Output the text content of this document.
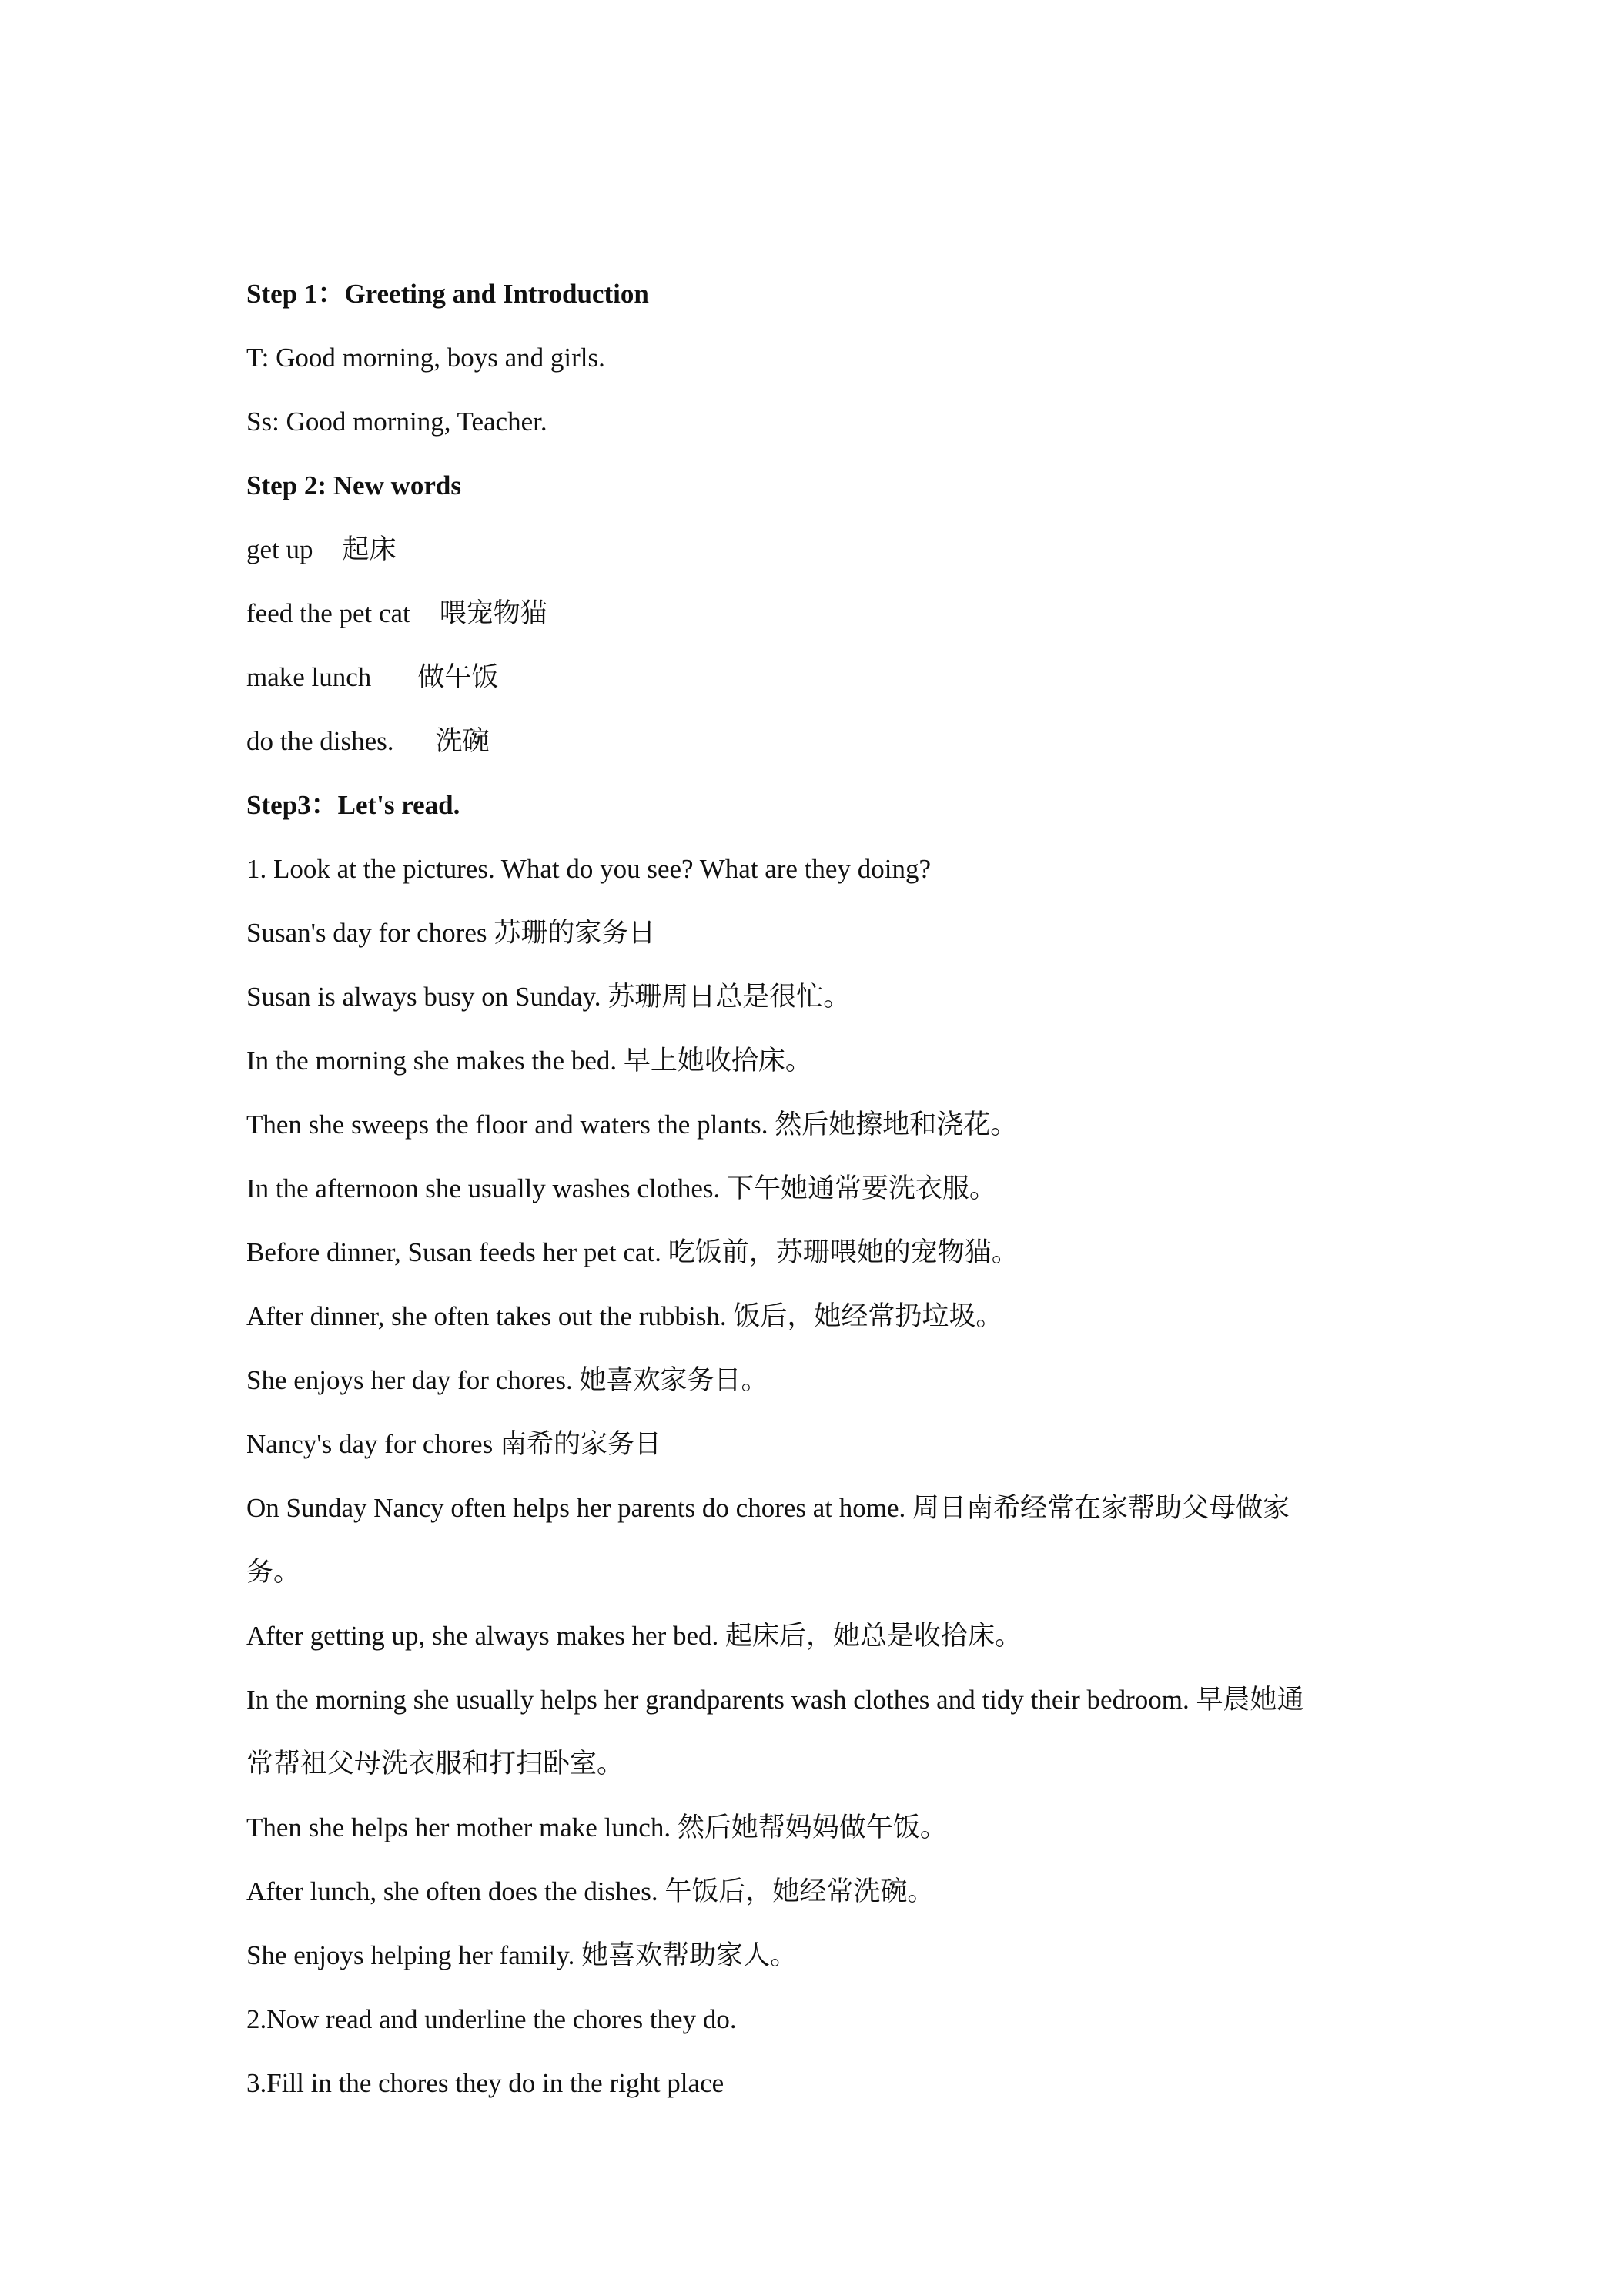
Step 1：Greeting and Introduction
T: Good morning, boys and girls.
Ss: Good morning, Teacher.
Step 2: New words
get up 起床
feed the pet cat 喂宠物猫
make lunch 做午饭
do the dishes. 洗碗
Step3：Let's read.
1. Look at the pictures. What do you see? What are they doing?
Susan's day for chores 苏珊的家务日
Susan is always busy on Sunday. 苏珊周日总是很忙。
In the morning she makes the bed. 早上她收拾床。
Then she sweeps the floor and waters the plants. 然后她擦地和浇花。
In the afternoon she usually washes clothes. 下午她通常要洗衣服。
Before dinner, Susan feeds her pet cat. 吃饭前，苏珊喂她的宠物猫。
After dinner, she often takes out the rubbish. 饭后，她经常扔垃圾。
She enjoys her day for chores. 她喜欢家务日。
Nancy's day for chores 南希的家务日
On Sunday Nancy often helps her parents do chores at home. 周日南希经常在家帮助父母做家
务。
After getting up, she always makes her bed. 起床后，她总是收拾床。
In the morning she usually helps her grandparents wash clothes and tidy their bedroom. 早晨她通
常帮祖父母洗衣服和打扫卧室。
Then she helps her mother make lunch. 然后她帮妈妈做午饭。
After lunch, she often does the dishes. 午饭后，她经常洗碗。
She enjoys helping her family. 她喜欢帮助家人。
2.Now read and underline the chores they do.
3.Fill in the chores they do in the right place
